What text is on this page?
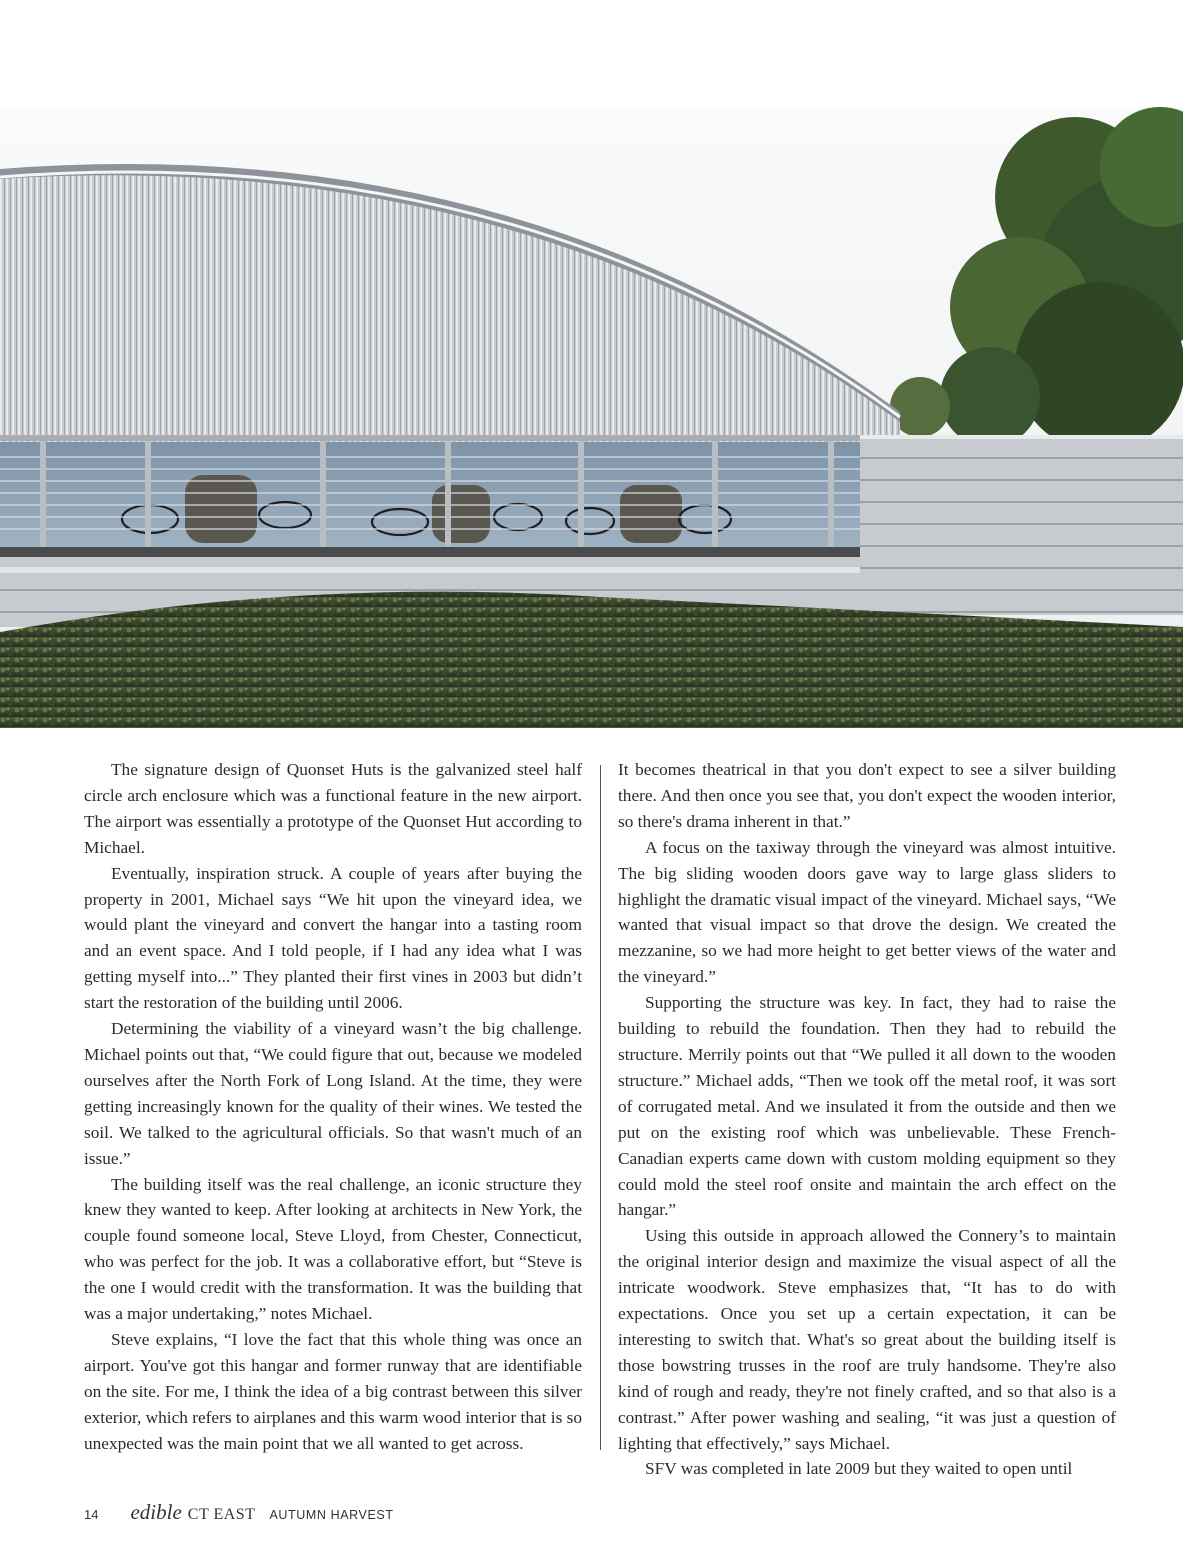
The signature design of Quonset Huts is the galvanized steel half circle arch enclosure which was a functional feature in the new airport. The airport was essentially a prototype of the Quonset Hut according to Michael.

Eventually, inspiration struck. A couple of years after buying the property in 2001, Michael says “We hit upon the vineyard idea, we would plant the vineyard and convert the hangar into a tasting room and an event space. And I told people, if I had any idea what I was getting myself into...” They planted their first vines in 2003 but didn’t start the restoration of the building until 2006.

Determining the viability of a vineyard wasn’t the big challenge. Michael points out that, “We could figure that out, because we modeled ourselves after the North Fork of Long Island. At the time, they were getting increasingly known for the quality of their wines. We tested the soil. We talked to the agricultural officials. So that wasn't much of an issue.”

The building itself was the real challenge, an iconic structure they knew they wanted to keep. After looking at architects in New York, the couple found someone local, Steve Lloyd, from Chester, Connecticut, who was perfect for the job. It was a collaborative effort, but “Steve is the one I would credit with the transformation. It was the building that was a major undertaking,” notes Michael.

Steve explains, “I love the fact that this whole thing was once an airport. You've got this hangar and former runway that are identifiable on the site. For me, I think the idea of a big contrast between this silver exterior, which refers to airplanes and this warm wood interior that is so unexpected was the main point that we all wanted to get across.

It becomes theatrical in that you don't expect to see a silver building there. And then once you see that, you don't expect the wooden interior, so there's drama inherent in that.”

A focus on the taxiway through the vineyard was almost intuitive. The big sliding wooden doors gave way to large glass sliders to highlight the dramatic visual impact of the vineyard. Michael says, “We wanted that visual impact so that drove the design. We created the mezzanine, so we had more height to get better views of the water and the vineyard.”

Supporting the structure was key. In fact, they had to raise the building to rebuild the foundation. Then they had to rebuild the structure. Merrily points out that “We pulled it all down to the wooden structure.” Michael adds, “Then we took off the metal roof, it was sort of corrugated metal. And we insulated it from the outside and then we put on the existing roof which was unbelievable. These French-Canadian experts came down with custom molding equipment so they could mold the steel roof onsite and maintain the arch effect on the hangar.”

Using this outside in approach allowed the Connery’s to maintain the original interior design and maximize the visual aspect of all the intricate woodwork. Steve emphasizes that, “It has to do with expectations. Once you set up a certain expectation, it can be interesting to switch that. What's so great about the building itself is those bowstring trusses in the roof are truly handsome. They're also kind of rough and ready, they're not finely crafted, and so that also is a contrast.” After power washing and sealing, “it was just a question of lighting that effectively,” says Michael.

SFV was completed in late 2009 but they waited to open until

14 edible CT EAST AUTUMN HARVEST
